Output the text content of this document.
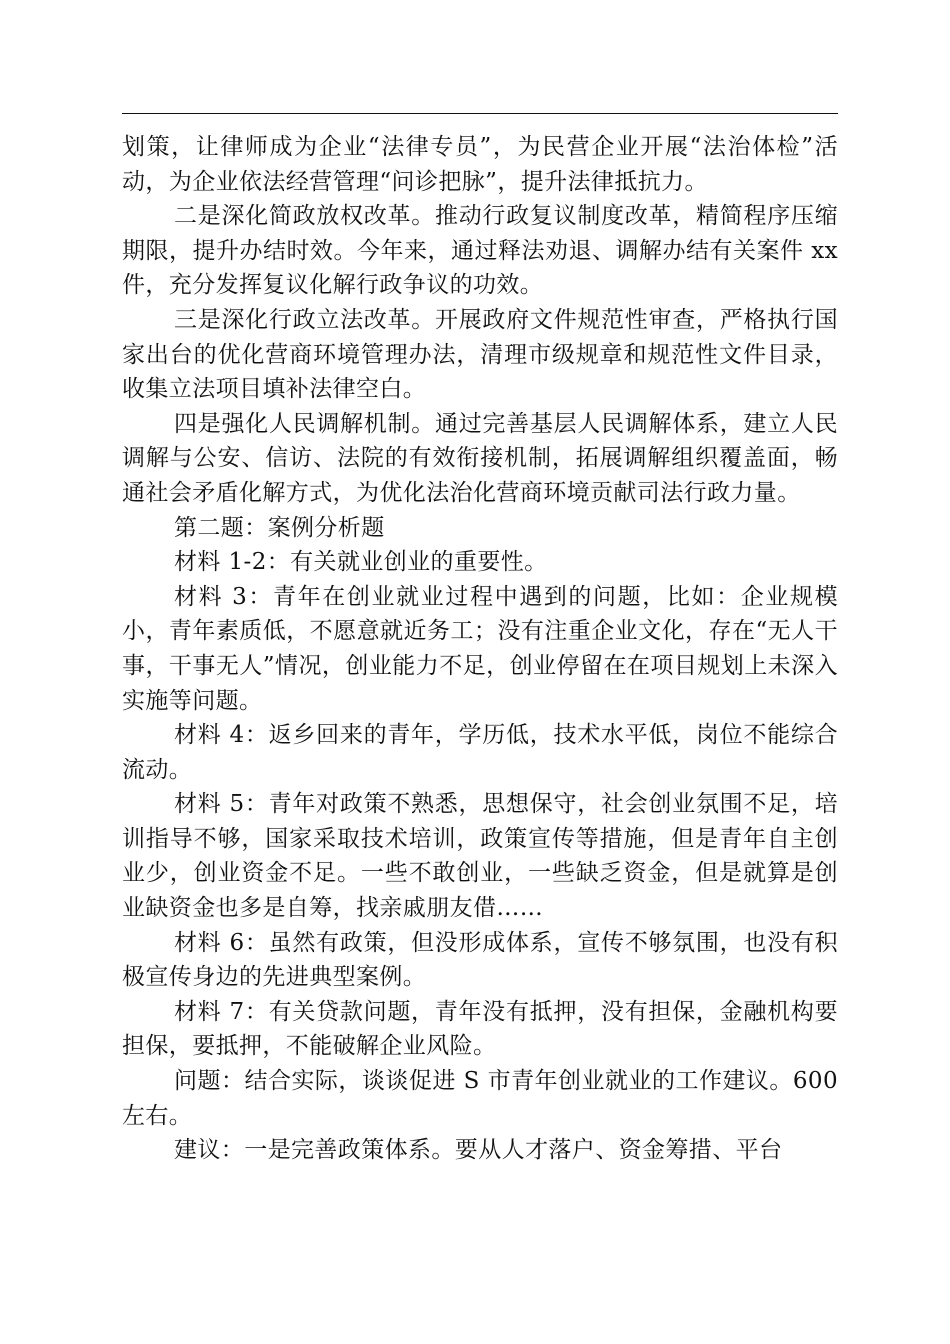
划策，让律师成为企业“法律专员”，为民营企业开展“法治体检”活动，为企业依法经营管理“问诊把脉”，提升法律抵抗力。

二是深化简政放权改革。推动行政复议制度改革，精简程序压缩期限，提升办结时效。今年来，通过释法劝退、调解办结有关案件 xx 件，充分发挥复议化解行政争议的功效。

三是深化行政立法改革。开展政府文件规范性审查，严格执行国家出台的优化营商环境管理办法，清理市级规章和规范性文件目录，收集立法项目填补法律空白。

四是强化人民调解机制。通过完善基层人民调解体系，建立人民调解与公安、信访、法院的有效衔接机制，拓展调解组织覆盖面，畅通社会矛盾化解方式，为优化法治化营商环境贡献司法行政力量。

第二题：案例分析题

材料 1-2：有关就业创业的重要性。

材料 3：青年在创业就业过程中遇到的问题，比如：企业规模小，青年素质低，不愿意就近务工；没有注重企业文化，存在“无人干事，干事无人”情况，创业能力不足，创业停留在在项目规划上未深入实施等问题。

材料 4：返乡回来的青年，学历低，技术水平低，岗位不能综合流动。

材料 5：青年对政策不熟悉，思想保守，社会创业氛围不足，培训指导不够，国家采取技术培训，政策宣传等措施，但是青年自主创业少，创业资金不足。一些不敢创业，一些缺乏资金，但是就算是创业缺资金也多是自筹，找亲戚朋友借……

材料 6：虽然有政策，但没形成体系，宣传不够氛围，也没有积极宣传身边的先进典型案例。

材料 7：有关贷款问题，青年没有抵押，没有担保，金融机构要担保，要抵押，不能破解企业风险。

问题：结合实际，谈谈促进 S 市青年创业就业的工作建议。600 左右。

建议：一是完善政策体系。要从人才落户、资金筹措、平台
